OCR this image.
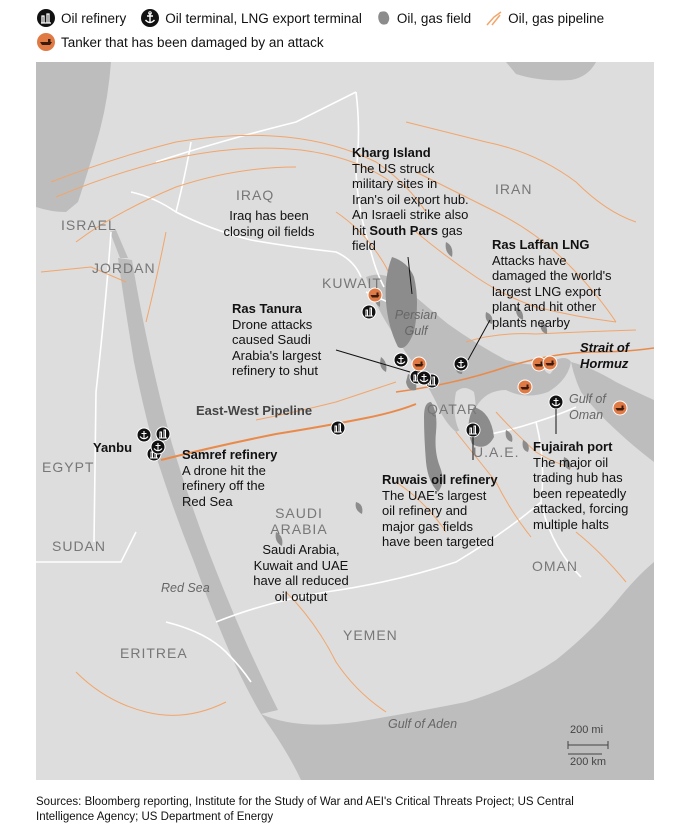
Oil refinery	Oil terminal, LNG export terminal	Oil, gas field	Oil, gas pipeline
Tanker that has been damaged by an attack
IRAQ	IRAN
ISRAEL
JORDAN
KUWAIT
QATAR
U.A.E.
EGYPT
SAUDI
ARABIA
SUDAN
OMAN
YEMEN
ERITREA
Persian
Gulf
Red Sea
Gulf of Aden
Gulf of
Oman
Yanbu
East-West Pipeline
Iraq has been
closing oil fields
Kharg Island
The US struck
military sites in
Iran's oil export hub.
An Israeli strike also
hit South Pars gas
field	Ras Laffan LNG
Attacks have
damaged the world's
largest LNG export
plant and hit other
plants nearby
Ras Tanura
Drone attacks
caused Saudi
Arabia's largest
refinery to shut
Strait of
Hormuz
Samref refinery
A drone hit the
refinery off the
Red Sea
Ruwais oil refinery
The UAE's largest
oil refinery and
major gas fields
have been targeted
Fujairah port
The major oil
trading hub has
been repeatedly
attacked, forcing
multiple halts
Saudi Arabia,
Kuwait and UAE
have all reduced
oil output
200 mi
200 km
Sources: Bloomberg reporting, Institute for the Study of War and AEI's Critical Threats Project; US Central
Intelligence Agency; US Department of Energy
